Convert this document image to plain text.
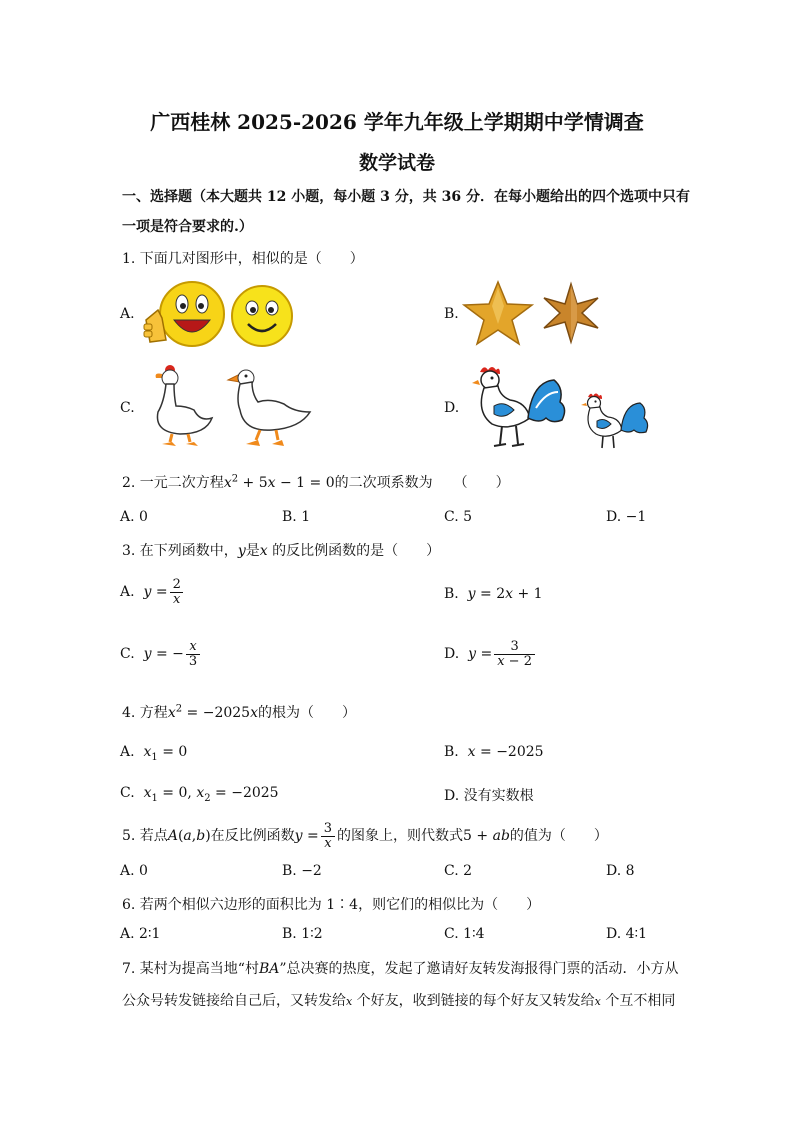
广西桂林 2025-2026 学年九年级上学期期中学情调查
数学试卷
一、选择题（本大题共 12 小题，每小题 3 分，共 36 分．在每小题给出的四个选项中只有
一项是符合要求的.）
1. 下面几对图形中，相似的是（　　）
A.	B.
C.	D.
2. 一元二次方程$x^2 + 5x - 1 = 0$的二次项系数为　　（　　）
A. 0	B. 1	C. 5	D. −1
3. 在下列函数中，y是x 的反比例函数的是（　　）
A. $y = \frac{2}{x}$	B. y = 2x + 1
C. y = − $\frac{x}{3}$	D. $y = \frac{3}{x - 2}$
4. 方程$x^2 = -2025x$的根为（　　）
A. $x_1 = 0$	B. x = −2025
C. $x_1 = 0$, $x_2 = -2025$	D. 没有实数根
5. 若点A(a,b)在反比例函数$y = \frac{3}{x}$ 的图象上，则代数式5 + ab的值为（　　）
A. 0	B. −2	C. 2	D. 8
6. 若两个相似六边形的面积比为 1∶4，则它们的相似比为（　　）
A. 2∶1	B. 1∶2	C. 1∶4	D. 4∶1
7. 某村为提高当地“村BA”总决赛的热度，发起了邀请好友转发海报得门票的活动．小方从
公众号转发链接给自己后，又转发给x 个好友，收到链接的每个好友又转发给x 个互不相同
